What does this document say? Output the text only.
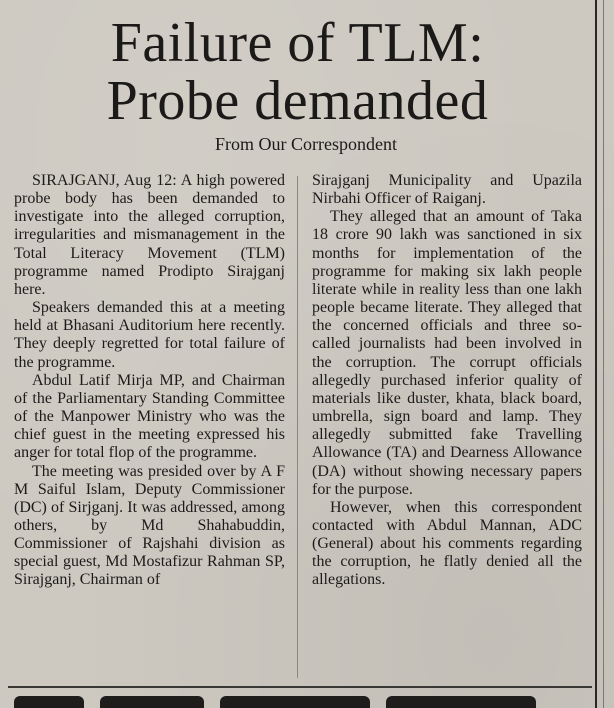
Failure of TLM:
Probe demanded
From Our Correspondent

SIRAJGANJ, Aug 12: A high powered probe body has been demanded to investigate into the alleged corruption, irregularities and mismanagement in the Total Literacy Movement (TLM) programme named Prodipto Sirajganj here.

Speakers demanded this at a meeting held at Bhasani Auditorium here recently. They deeply regretted for total failure of the programme.

Abdul Latif Mirja MP, and Chairman of the Parliamentary Standing Committee of the Manpower Ministry who was the chief guest in the meeting expressed his anger for total flop of the programme.

The meeting was presided over by A F M Saiful Islam, Deputy Commissioner (DC) of Sirjganj. It was addressed, among others, by Md Shahabuddin, Commissioner of Rajshahi division as special guest, Md Mostafizur Rahman SP, Sirajganj, Chairman of

Sirajganj Municipality and Upazila Nirbahi Officer of Raiganj.

They alleged that an amount of Taka 18 crore 90 lakh was sanctioned in six months for implementation of the programme for making six lakh people literate while in reality less than one lakh people became literate. They alleged that the concerned officials and three so-called journalists had been involved in the corruption. The corrupt officials allegedly purchased inferior quality of materials like duster, khata, black board, umbrella, sign board and lamp. They allegedly submitted fake Travelling Allowance (TA) and Dearness Allowance (DA) without showing necessary papers for the purpose.

However, when this correspondent contacted with Abdul Mannan, ADC (General) about his comments regarding the corruption, he flatly denied all the allegations.
